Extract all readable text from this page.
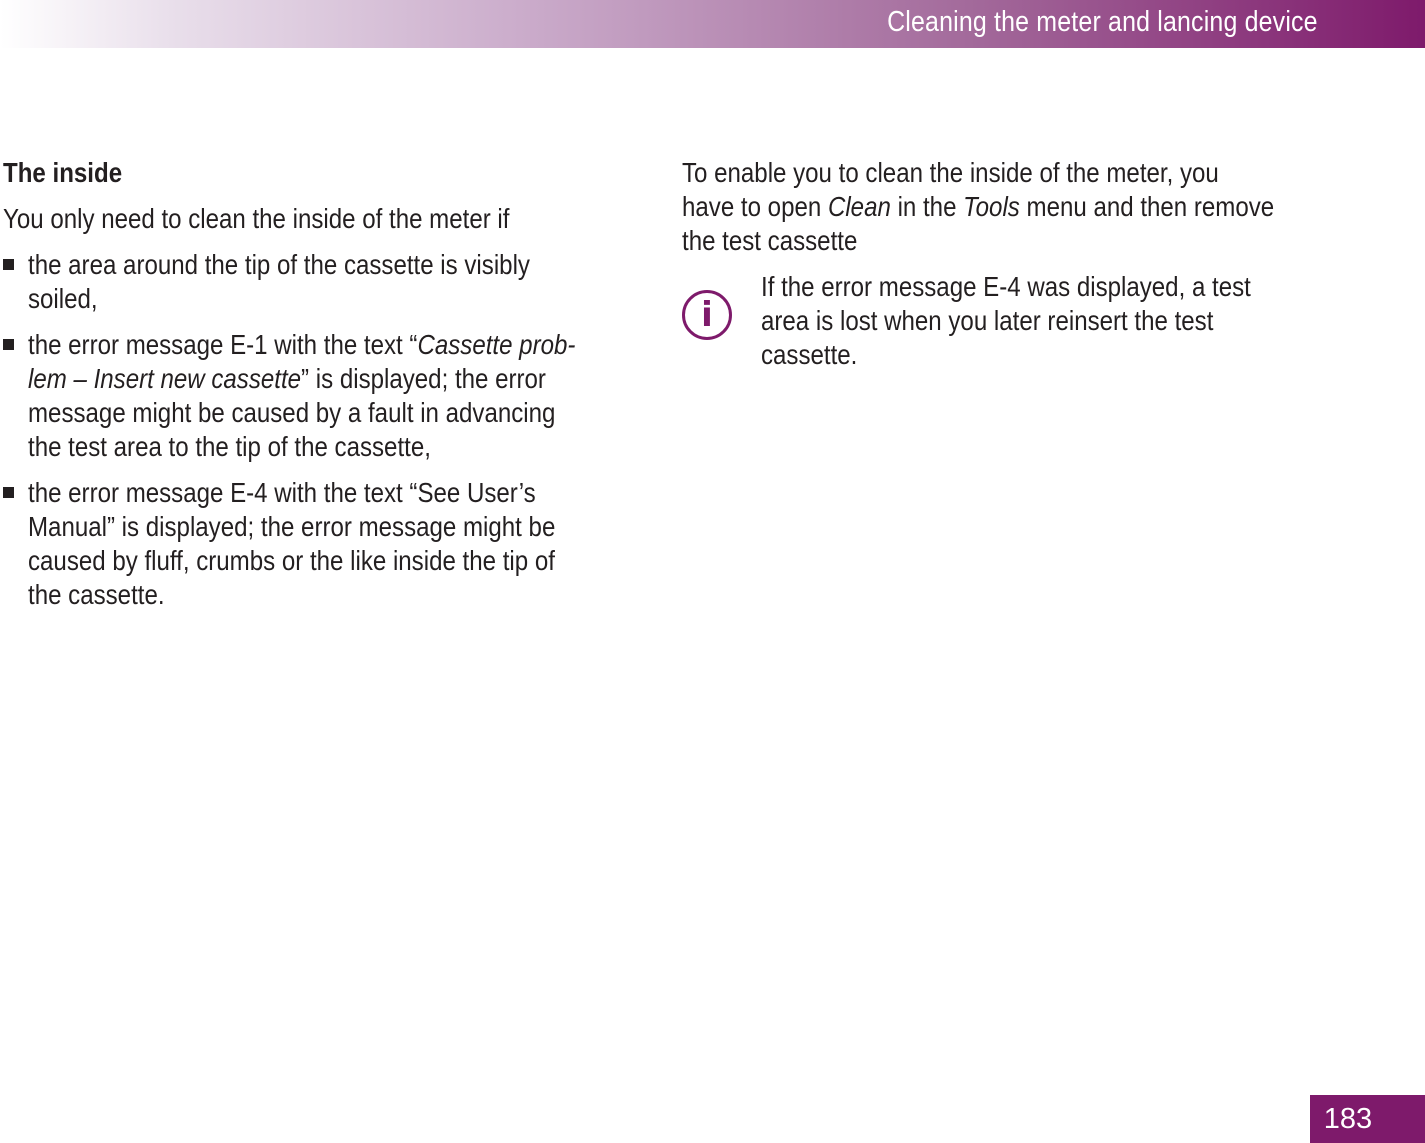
Cleaning the meter and lancing device
The inside
You only need to clean the inside of the meter if
the area around the tip of the cassette is visibly
soiled,
the error message E-1 with the text “Cassette prob-
lem – Insert new cassette” is displayed; the error
message might be caused by a fault in advancing
the test area to the tip of the cassette,
the error message E-4 with the text “See User’s
Manual” is displayed; the error message might be
caused by fluff, crumbs or the like inside the tip of
the cassette.
To enable you to clean the inside of the meter, you
have to open Clean in the Tools menu and then remove
the test cassette
i
If the error message E-4 was displayed, a test
area is lost when you later reinsert the test
cassette.
183
